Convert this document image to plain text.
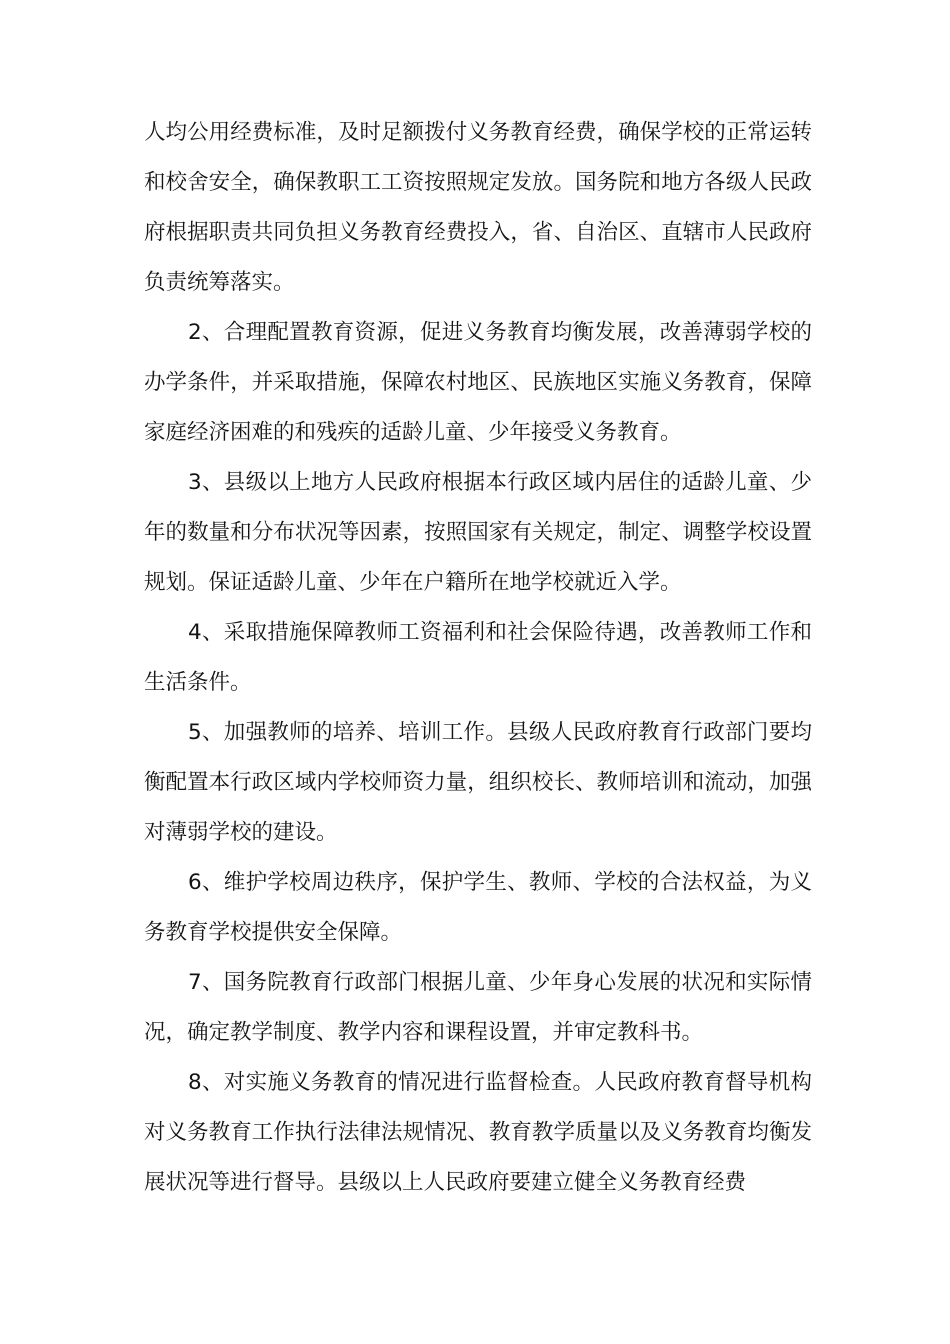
人均公用经费标准，及时足额拨付义务教育经费，确保学校的正常运转和校舍安全，确保教职工工资按照规定发放。国务院和地方各级人民政府根据职责共同负担义务教育经费投入，省、自治区、直辖市人民政府负责统筹落实。

2、合理配置教育资源，促进义务教育均衡发展，改善薄弱学校的办学条件，并采取措施，保障农村地区、民族地区实施义务教育，保障家庭经济困难的和残疾的适龄儿童、少年接受义务教育。

3、县级以上地方人民政府根据本行政区域内居住的适龄儿童、少年的数量和分布状况等因素，按照国家有关规定，制定、调整学校设置规划。保证适龄儿童、少年在户籍所在地学校就近入学。

4、采取措施保障教师工资福利和社会保险待遇，改善教师工作和生活条件。

5、加强教师的培养、培训工作。县级人民政府教育行政部门要均衡配置本行政区域内学校师资力量，组织校长、教师培训和流动，加强对薄弱学校的建设。

6、维护学校周边秩序，保护学生、教师、学校的合法权益，为义务教育学校提供安全保障。

7、国务院教育行政部门根据儿童、少年身心发展的状况和实际情况，确定教学制度、教学内容和课程设置，并审定教科书。

8、对实施义务教育的情况进行监督检查。人民政府教育督导机构对义务教育工作执行法律法规情况、教育教学质量以及义务教育均衡发展状况等进行督导。县级以上人民政府要建立健全义务教育经费
